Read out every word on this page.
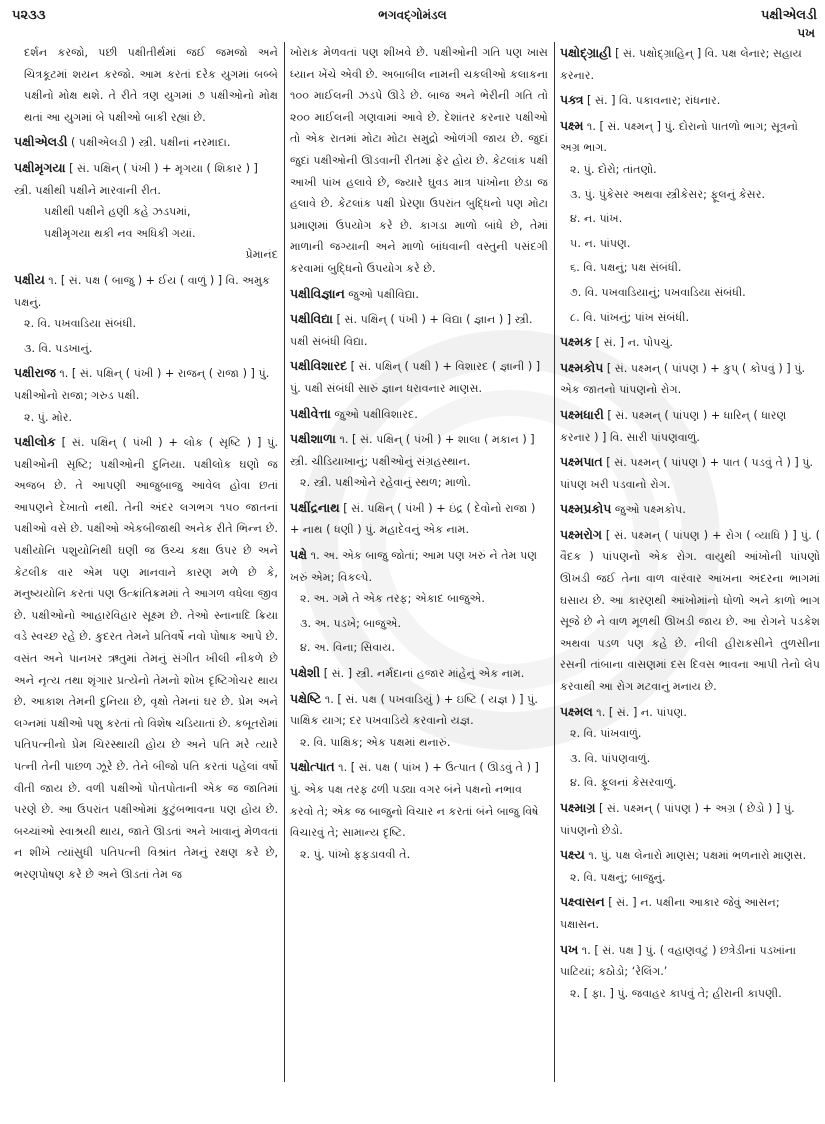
૫૨૩૩	ભગવદ્ગોમંડલ	પક્ષીએલડી
પખ

દર્શન કરજો, પછી પક્ષીતીર્થમાં જઈ જમજો અને ચિત્રકૂટમાં શયન કરજો. આમ કરતાં દરેક યુગમાં બબ્બે પક્ષીનો મોક્ષ થશે. તે રીતે ત્રણ યુગમાં ૭ પક્ષીઓનો મોક્ષ થતાં આ યુગમાં બે પક્ષીઓ બાકી રહ્યાં છે.

પક્ષીએલડી ( પક્ષીએલડી ) સ્ત્રી. પક્ષીનાં નરમાદા.
પક્ષીમૃગયા [ સં. પક્ષિન્ ( પંખી ) + મૃગયા ( શિકાર ) ] સ્ત્રી. પક્ષીથી પક્ષીને મારવાની રીત.

પક્ષીથી પક્ષીને હણી કહે ઝડપમાં,

પક્ષીમૃગયા થકી નવ અધિકી ગયાં.

પ્રેમાનંદ

પક્ષીય ૧. [ સં. પક્ષ ( બાજુ ) + ઈય ( વાળું ) ] વિ. અમુક પક્ષનું.

૨. વિ. પખવાડિયા સંબંધી.

૩. વિ. પડખાનું.

પક્ષીરાજ ૧. [ સં. પક્ષિન્ ( પંખી ) + રાજન્ ( રાજા ) ] પું. પક્ષીઓનો રાજા; ગરુડ પક્ષી.

૨. પું. મોર.

પક્ષીલોક [ સં. પક્ષિન્ ( પંખી ) + લોક ( સૃષ્ટિ ) ] પું. પક્ષીઓની સૃષ્ટિ; પક્ષીઓની દુનિયા. પક્ષીલોક ઘણો જ અજબ છે. તે આપણી આજુબાજુ આવેલ હોવા છતાં આપણને દેખાતો નથી. તેની અંદર લગભગ ૧૫૦ જાતનાં પક્ષીઓ વસે છે. પક્ષીઓ એકબીજાથી અનેક રીતે ભિન્ન છે. પક્ષીયોનિ પશુયોનિથી ઘણી જ ઉચ્ચ કક્ષા ઉપર છે અને કેટલીક વાર એમ પણ માનવાને કારણ મળે છે કે, મનુષ્યયોનિ કરતાં પણ ઉત્ક્રાંતિક્રમમાં તે આગળ વધેલા જીવ છે. પક્ષીઓનો આહારવિહાર સૂક્ષ્મ છે. તેઓ સ્નાનાદિ ક્રિયા વડે સ્વચ્છ રહે છે. કુદરત તેમને પ્રતિવર્ષે નવો પોષાક આપે છે. વસંત અને પાનખર ઋતુમાં તેમનું સંગીત ખીલી નીકળે છે અને નૃત્ય તથા શૃંગાર પ્રત્યેનો તેમનો શોખ દૃષ્ટિગોચર થાય છે. આકાશ તેમની દુનિયા છે, વૃક્ષો તેમનાં ઘર છે. પ્રેમ અને લગ્નમાં પક્ષીઓ પશુ કરતાં તો વિશેષ ચડિયાતાં છે. કબૂતરોમાં પતિપત્નીનો પ્રેમ ચિરસ્થાયી હોય છે અને પતિ મરે ત્યારે પત્ની તેની પાછળ ઝૂરે છે. તેને બીજો પતિ કરતાં પહેલાં વર્ષો વીતી જાય છે. વળી પક્ષીઓ પોતપોતાની એક જ જાતિમાં પરણે છે. આ ઉપરાંત પક્ષીઓમાં કુટુંબભાવના પણ હોય છે. બચ્ચાંઓ સ્વાશ્રયી થાય, જાતે ઊડતાં અને ખાવાનું મેળવતાં ન શીખે ત્યાંસુધી પતિપત્ની વિશ્રાંત તેમનું રક્ષણ કરે છે, ભરણપોષણ કરે છે અને ઊડતાં તેમ જ

ખોરાક મેળવતાં પણ શીખવે છે. પક્ષીઓની ગતિ પણ ખાસ ધ્યાન ખેંચે એવી છે. અબાબીલ નામની ચકલીઓ કલાકના ૧૦૦ માઈલની ઝડપે ઊડે છે. બાજ અને ભેરીની ગતિ તો ૨૦૦ માઈલની ગણવામાં આવે છે. દેશાંતર કરનાર પક્ષીઓ તો એક રાતમાં મોટા મોટા સમુદ્રો ઓળંગી જાય છે. જુદાં જુદાં પક્ષીઓની ઊડવાની રીતમાં ફેર હોય છે. કેટલાંક પક્ષી આખી પાંખ હલાવે છે, જ્યારે ઘુવડ માત્ર પાંખોના છેડા જ હલાવે છે. કેટલાંક પક્ષી પ્રેરણા ઉપરાંત બુદ્ધિનો પણ મોટા પ્રમાણમાં ઉપયોગ કરે છે. કાગડા માળો બાંધે છે, તેમાં માળાની જગ્યાની અને માળો બાંધવાની વસ્તુની પસંદગી કરવામાં બુદ્ધિનો ઉપયોગ કરે છે.

પક્ષીવિજ્ઞાન જુઓ પક્ષીવિદ્યા.
પક્ષીવિદ્યા [ સં. પક્ષિન્ ( પંખી ) + વિદ્યા ( જ્ઞાન ) ] સ્ત્રી. પક્ષી સંબંધી વિદ્યા.
પક્ષીવિશારદ [ સં. પક્ષિન્ ( પક્ષી ) + વિશારદ ( જ્ઞાની ) ] પું. પક્ષી સંબંધી સારું જ્ઞાન ધરાવનાર માણસ.
પક્ષીવેત્તા જુઓ પક્ષીવિશારદ.
પક્ષીશાળા ૧. [ સં. પક્ષિન્ ( પંખી ) + શાલા ( મકાન ) ] સ્ત્રી. ચીડિયાખાનું; પક્ષીઓનું સંગ્રહસ્થાન.

૨. સ્ત્રી. પક્ષીઓને રહેવાનું સ્થળ; માળો.

પક્ષીંદ્રનાથ [ સં. પક્ષિન્ ( પંખી ) + ઇંદ્ર ( દેવોનો રાજા ) + નાથ ( ધણી ) પું. મહાદેવનું એક નામ.
પક્ષે ૧. અ. એક બાજુ જોતાં; આમ પણ ખરું ને તેમ પણ ખરું એમ; વિકલ્પે.

૨. અ. ગમે તે એક તરફ; એકાદ બાજુએ.

૩. અ. પડખે; બાજુએ.

૪. અ. વિના; સિવાય.

પક્ષેશી [ સં. ] સ્ત્રી. નર્મદાનાં હજાર માંહેનું એક નામ.
પક્ષેષ્ટિ ૧. [ સં. પક્ષ ( પખવાડિયું ) + ઇષ્ટિ ( યજ્ઞ ) ] પું. પાક્ષિક યાગ; દર પખવાડિયે કરવાનો યજ્ઞ.

૨. વિ. પાક્ષિક; એક પક્ષમાં થનારું.

પક્ષોત્પાત ૧. [ સં. પક્ષ ( પાંખ ) + ઉત્પાત ( ઊડવું તે ) ] પું. એક પક્ષ તરફ ઢળી પડ્યા વગર બંને પક્ષનો નભાવ કરવો તે; એક જ બાજુનો વિચાર ન કરતાં બંને બાજુ વિષે વિચારવું તે; સામાન્ય દૃષ્ટિ.

૨. પું. પાંખો ફફડાવવી તે.

પક્ષોદ્ગ્રાહી [ સં. પક્ષોદ્ગ્રાહિન્ ] વિ. પક્ષ લેનાર; સહાય કરનાર.
પક્ત્ર [ સં. ] વિ. પકાવનાર; રાંધનાર.
પક્ષ્મ ૧. [ સં. પક્ષ્મન્ ] પું. દોરાનો પાતળો ભાગ; સૂત્રનો અગ્ર ભાગ.

૨. પું. દોરો; તાંતણો.

૩. પું. પુંકેસર અથવા સ્ત્રીકેસર; ફૂલનું કેસર.

૪. ન. પાંખ.

૫. ન. પાંપણ.

૬. વિ. પક્ષનું; પક્ષ સંબંધી.

૭. વિ. પખવાડિયાનું; પખવાડિયા સંબંધી.

૮. વિ. પાંખનું; પાંખ સંબંધી.

પક્ષ્મક [ સં. ] ન. પોપચું.
પક્ષ્મકોપ [ સં. પક્ષ્મન્ ( પાંપણ ) + કુપ્ ( કોપવું ) ] પું. એક જાતનો પાંપણનો રોગ.
પક્ષ્મધારી [ સં. પક્ષ્મન્ ( પાંપણ ) + ધારિન્ ( ધારણ કરનાર ) ] વિ. સારી પાંપણવાળું.
પક્ષ્મપાત [ સં. પક્ષ્મન્ ( પાંપણ ) + પાત ( પડવું તે ) ] પું. પાંપણ ખરી પડવાનો રોગ.
પક્ષ્મપ્રકોપ જુઓ પક્ષ્મકોપ.
પક્ષ્મરોગ [ સં. પક્ષ્મન્ ( પાંપણ ) + રોગ ( વ્યાધિ ) ] પું. ( વૈદક ) પાંપણનો એક રોગ. વાયુથી આંખોની પાંપણો ઊખડી જઈ તેના વાળ વારંવાર આંખના અંદરના ભાગમાં ઘસાય છે. આ કારણથી આંખોમાંનો ધોળો અને કાળો ભાગ સૂજે છે ને વાળ મૂળથી ઊખડી જાય છે. આ રોગને પડકેશ અથવા પડળ પણ કહે છે. નીલી હીરાકસીને તુળસીના રસની તાંબાના વાસણમાં દસ દિવસ ભાવના આપી તેનો લેપ કરવાથી આ રોગ મટવાનું મનાય છે.
પક્ષ્મલ ૧. [ સં. ] ન. પાંપણ.

૨. વિ. પાંખવાળું.

૩. વિ. પાંપણવાળું.

૪. વિ. ફૂલનાં કેસરવાળું.

પક્ષ્માગ્ર [ સં. પક્ષ્મન્ ( પાંપણ ) + અગ્ર ( છેડો ) ] પું. પાંપણનો છેડો.
પક્ષ્ય ૧. પું. પક્ષ લેનારો માણસ; પક્ષમાં ભળનારો માણસ.

૨. વિ. પક્ષનું; બાજુનું.

પક્ષ્વાસન [ સં. ] ન. પક્ષીના આકાર જેવું આસન; પક્ષાસન.
પખ ૧. [ સં. પક્ષ ] પું. ( વહાણવટું ) છત્રેડીનાં પડખાંના પાટિયાં; કઠોડો; ‘રેલિંગ.’

૨. [ ફા. ] પું. જવાહર કાપવું તે; હીરાની કાપણી.
